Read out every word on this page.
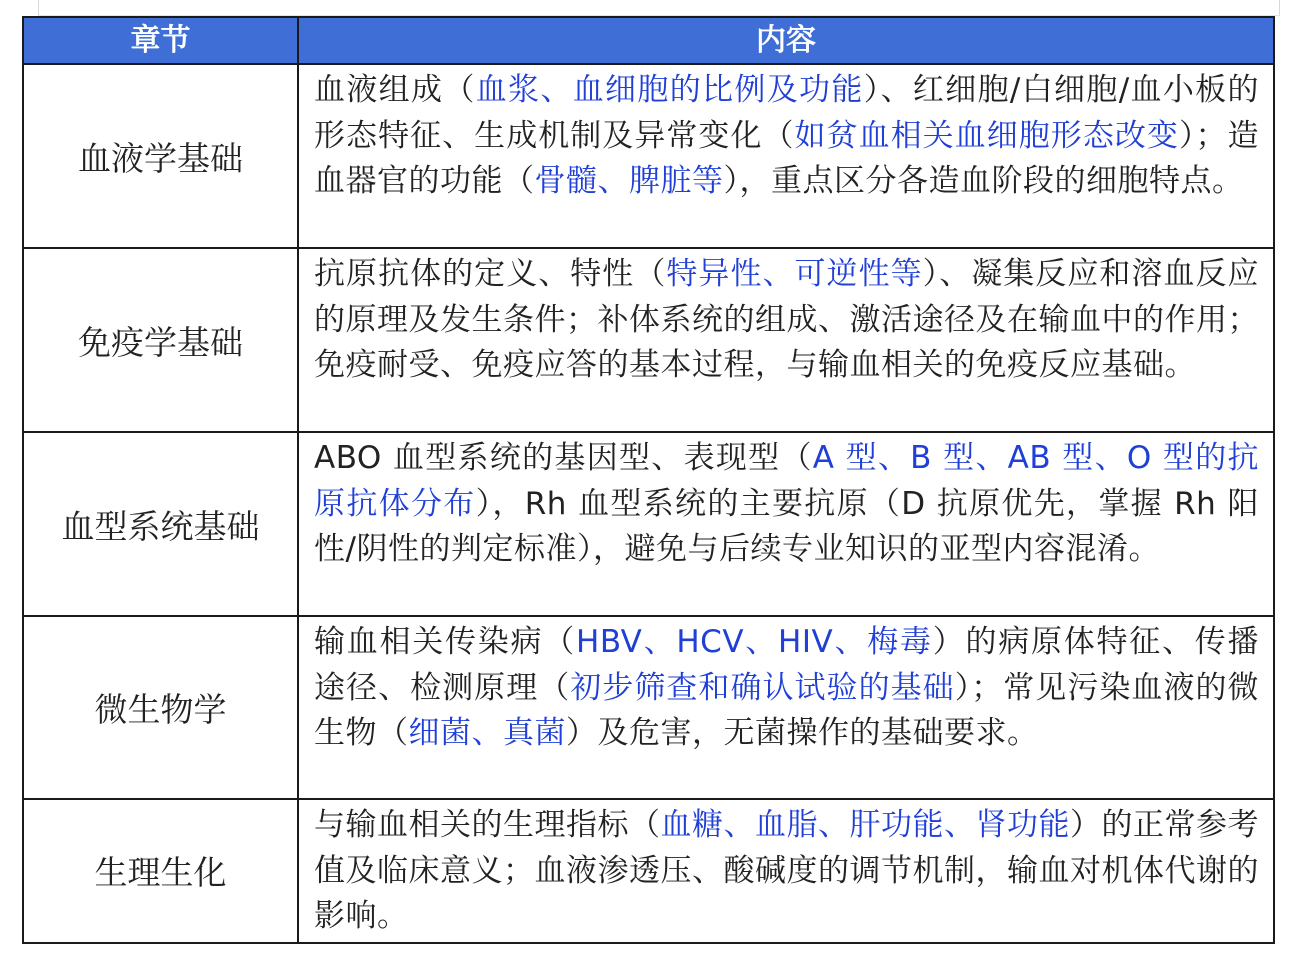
章节	内容
血液学基础	血液组成（血浆、血细胞的比例及功能）、红细胞/白细胞/血小板的形态特征、生成机制及异常变化（如贫血相关血细胞形态改变）；造血器官的功能（骨髓、脾脏等），重点区分各造血阶段的细胞特点。
免疫学基础	抗原抗体的定义、特性（特异性、可逆性等）、凝集反应和溶血反应的原理及发生条件；补体系统的组成、激活途径及在输血中的作用；免疫耐受、免疫应答的基本过程，与输血相关的免疫反应基础。
血型系统基础	ABO 血型系统的基因型、表现型（A 型、B 型、AB 型、O 型的抗原抗体分布），Rh 血型系统的主要抗原（D 抗原优先，掌握 Rh 阳性/阴性的判定标准），避免与后续专业知识的亚型内容混淆。
微生物学	输血相关传染病（HBV、HCV、HIV、梅毒）的病原体特征、传播途径、检测原理（初步筛查和确认试验的基础）；常见污染血液的微生物（细菌、真菌）及危害，无菌操作的基础要求。
生理生化	与输血相关的生理指标（血糖、血脂、肝功能、肾功能）的正常参考值及临床意义；血液渗透压、酸碱度的调节机制，输血对机体代谢的影响。
